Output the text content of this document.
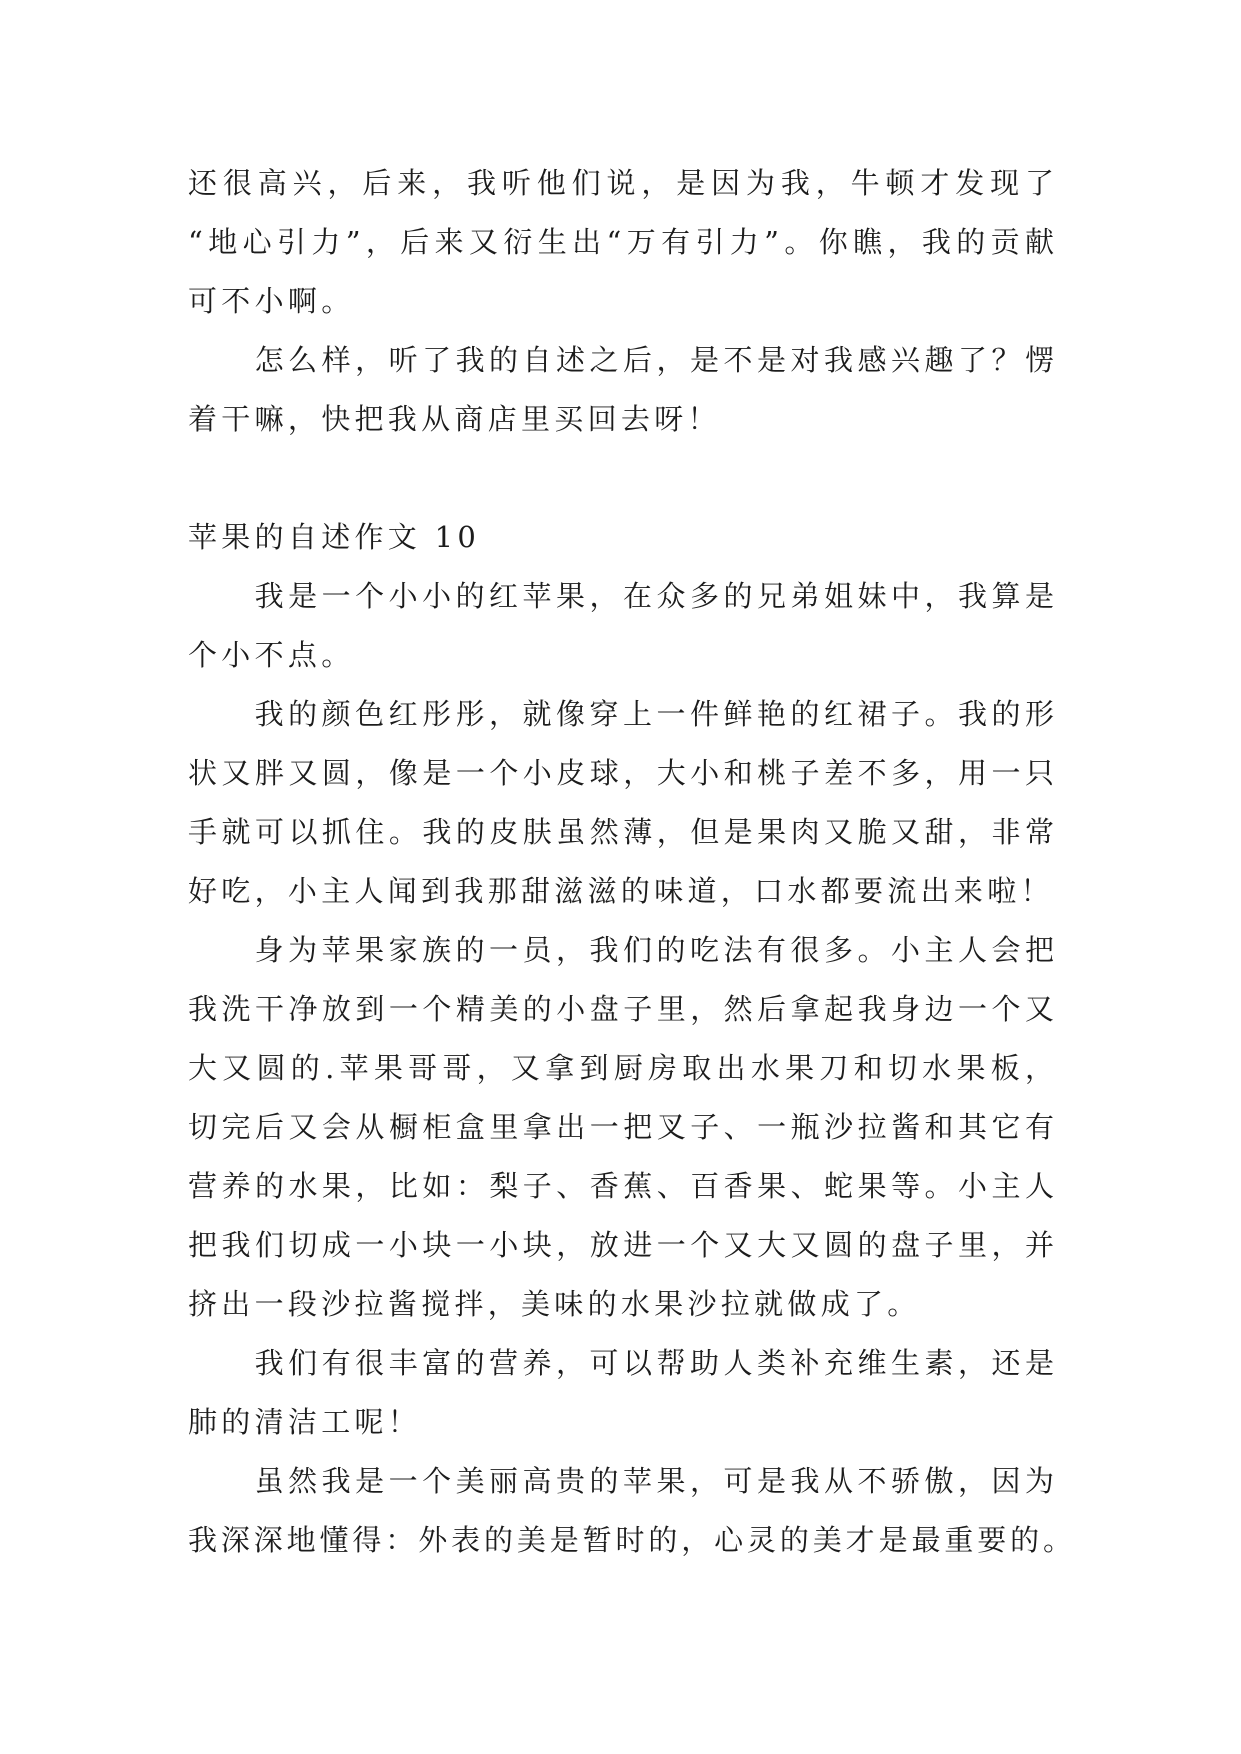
还很高兴，后来，我听他们说，是因为我，牛顿才发现了

“地心引力”，后来又衍生出“万有引力”。你瞧，我的贡献

可不小啊。

怎么样，听了我的自述之后，是不是对我感兴趣了？愣

着干嘛，快把我从商店里买回去呀！

苹果的自述作文 10

我是一个小小的红苹果，在众多的兄弟姐妹中，我算是

个小不点。

我的颜色红彤彤，就像穿上一件鲜艳的红裙子。我的形

状又胖又圆，像是一个小皮球，大小和桃子差不多，用一只

手就可以抓住。我的皮肤虽然薄，但是果肉又脆又甜，非常

好吃，小主人闻到我那甜滋滋的味道，口水都要流出来啦！

身为苹果家族的一员，我们的吃法有很多。小主人会把

我洗干净放到一个精美的小盘子里，然后拿起我身边一个又

大又圆的.苹果哥哥，又拿到厨房取出水果刀和切水果板，

切完后又会从橱柜盒里拿出一把叉子、一瓶沙拉酱和其它有

营养的水果，比如：梨子、香蕉、百香果、蛇果等。小主人

把我们切成一小块一小块，放进一个又大又圆的盘子里，并

挤出一段沙拉酱搅拌，美味的水果沙拉就做成了。

我们有很丰富的营养，可以帮助人类补充维生素，还是

肺的清洁工呢！

虽然我是一个美丽高贵的苹果，可是我从不骄傲，因为

我深深地懂得：外表的美是暂时的，心灵的美才是最重要的。
